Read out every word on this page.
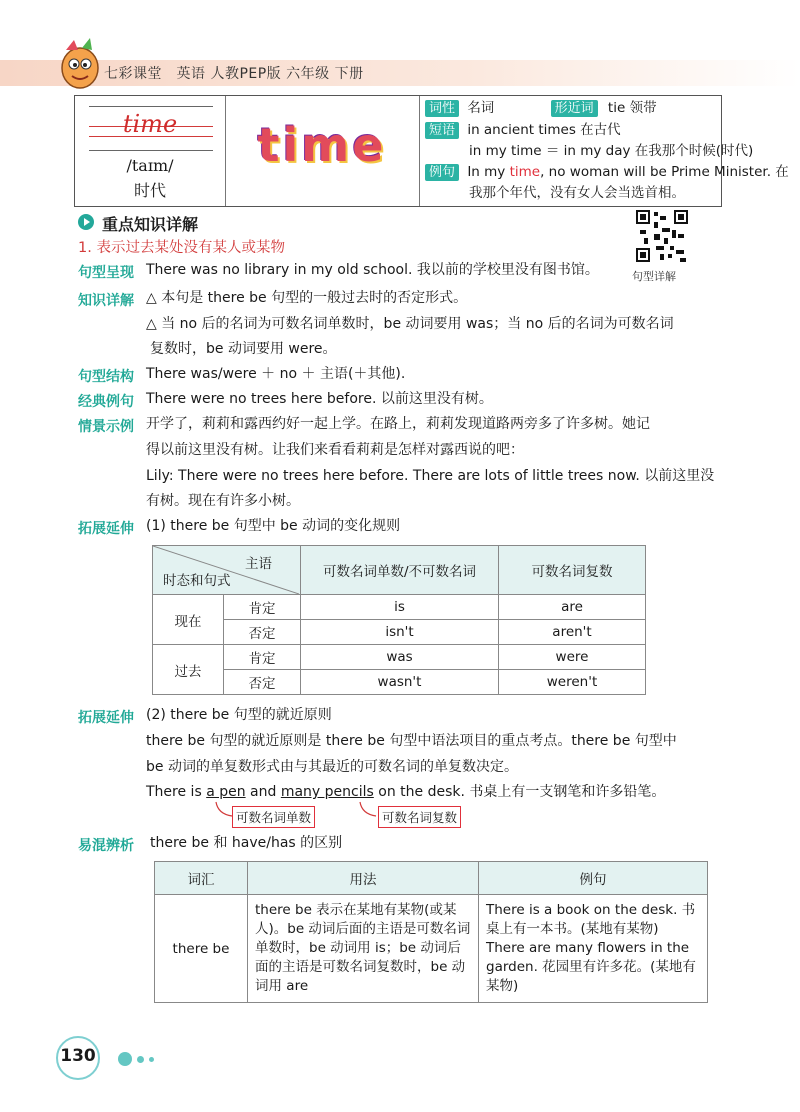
七彩课堂　英语 人教PEP版 六年级 下册
time
/taɪm/
时代
time
词性 名词	形近词 tie 领带
短语 in ancient times 在古代
in my time ＝ in my day 在我那个时候(时代)
例句 In my time, no woman will be Prime Minister. 在
我那个年代，没有女人会当选首相。
重点知识详解
1. 表示过去某处没有某人或某物
句型详解
句型呈现 There was no library in my old school. 我以前的学校里没有图书馆。
知识详解 △ 本句是 there be 句型的一般过去时的否定形式。
△ 当 no 后的名词为可数名词单数时，be 动词要用 was；当 no 后的名词为可数名词
复数时，be 动词要用 were。
句型结构 There was/were ＋ no ＋ 主语(＋其他).
经典例句 There were no trees here before. 以前这里没有树。
情景示例 开学了，莉莉和露西约好一起上学。在路上，莉莉发现道路两旁多了许多树。她记
得以前这里没有树。让我们来看看莉莉是怎样对露西说的吧：
Lily: There were no trees here before. There are lots of little trees now. 以前这里没
有树。现在有许多小树。
拓展延伸 (1) there be 句型中 be 动词的变化规则
主语
时态和句式		可数名词单数/不可数名词	可数名词复数
现在	肯定	is	are
	否定	isn't	aren't
过去	肯定	was	were
	否定	wasn't	weren't
拓展延伸 (2) there be 句型的就近原则
there be 句型的就近原则是 there be 句型中语法项目的重点考点。there be 句型中
be 动词的单复数形式由与其最近的可数名词的单复数决定。
There is a pen and many pencils on the desk. 书桌上有一支钢笔和许多铅笔。
可数名词单数	可数名词复数
易混辨析 there be 和 have/has 的区别
词汇	用法	例句
there be	there be 表示在某地有某物(或某人)。be 动词后面的主语是可数名词单数时，be 动词用 is；be 动词后面的主语是可数名词复数时，be 动词用 are	There is a book on the desk. 书桌上有一本书。(某地有某物) There are many flowers in the garden. 花园里有许多花。(某地有某物)
130
